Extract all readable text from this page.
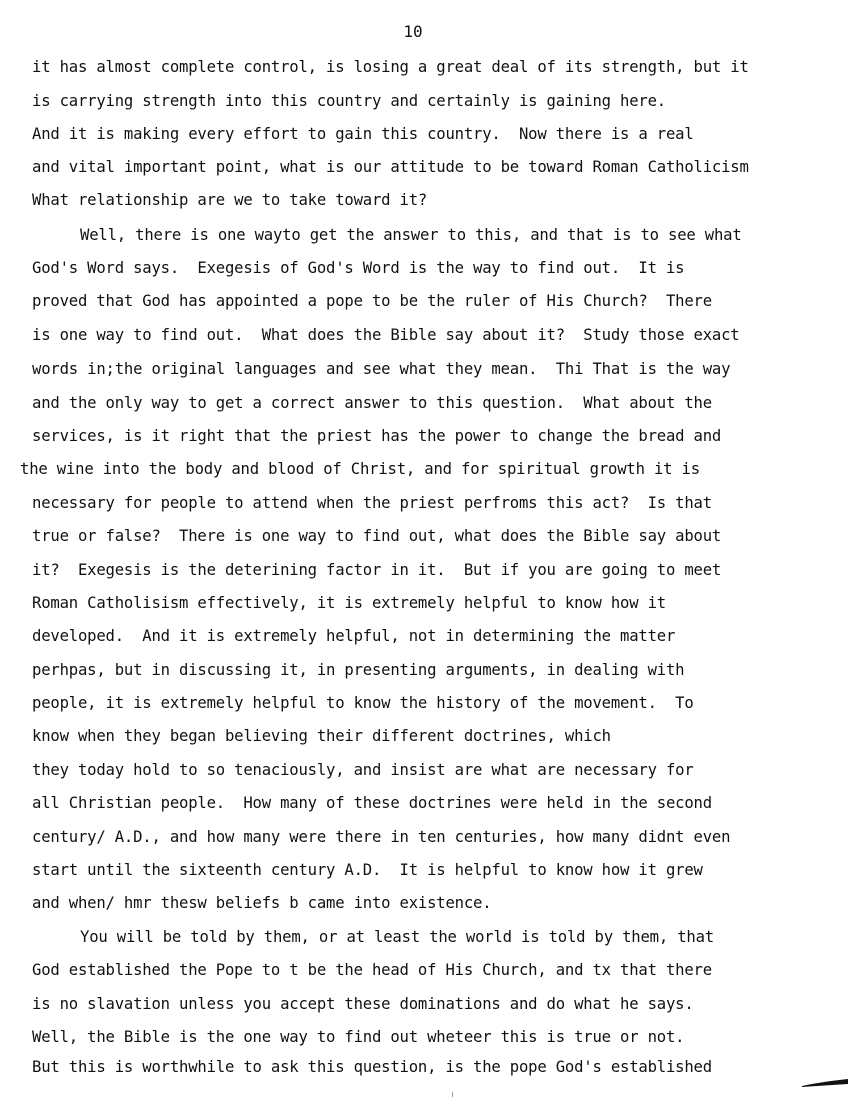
10
it has almost complete control, is losing a great deal of its strength, but it
is carrying strength into this country and certainly is gaining here.
And it is making every effort to gain this country.  Now there is a real
and vital important point, what is our attitude to be toward Roman Catholicism
What relationship are we to take toward it?
Well, there is one wayto get the answer to this, and that is to see what
God's Word says.  Exegesis of God's Word is the way to find out.  It is
proved that God has appointed a pope to be the ruler of His Church?  There
is one way to find out.  What does the Bible say about it?  Study those exact
words in;the original languages and see what they mean.  Thi That is the way
and the only way to get a correct answer to this question.  What about the
services, is it right that the priest has the power to change the bread and
the wine into the body and blood of Christ, and for spiritual growth it is
necessary for people to attend when the priest perfroms this act?  Is that
true or false?  There is one way to find out, what does the Bible say about
it?  Exegesis is the deterining factor in it.  But if you are going to meet
Roman Catholisism effectively, it is extremely helpful to know how it
developed.  And it is extremely helpful, not in determining the matter
perhpas, but in discussing it, in presenting arguments, in dealing with
people, it is extremely helpful to know the history of the movement.  To
know when they began believing their different doctrines, which
they today hold to so tenaciously, and insist are what are necessary for
all Christian people.  How many of these doctrines were held in the second
century/ A.D., and how many were there in ten centuries, how many didnt even
start until the sixteenth century A.D.  It is helpful to know how it grew
and when/ hmr thesw beliefs b came into existence.
You will be told by them, or at least the world is told by them, that
God established the Pope to t be the head of His Church, and tx that there
is no slavation unless you accept these dominations and do what he says.
Well, the Bible is the one way to find out wheteer this is true or not.
But this is worthwhile to ask this question, is the pope God's established
